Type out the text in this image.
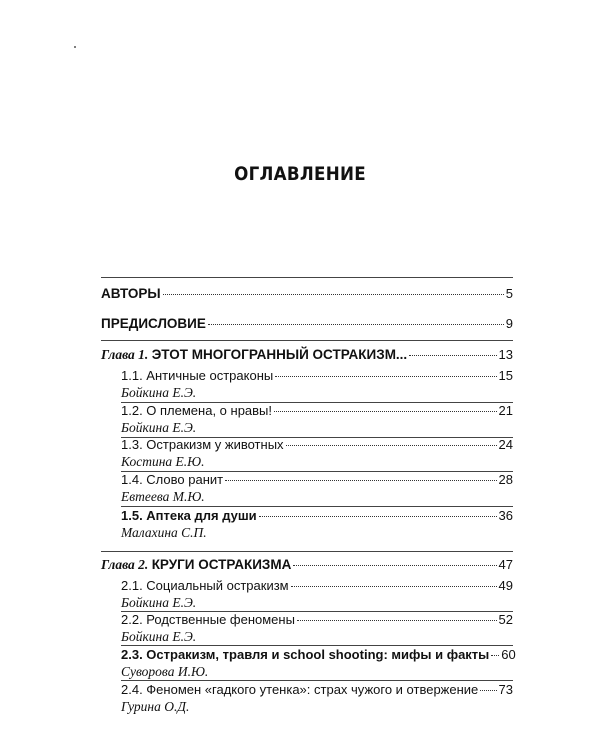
ОГЛАВЛЕНИЕ
АВТОРЫ	5
ПРЕДИСЛОВИЕ	9
Глава 1. ЭТОТ МНОГОГРАННЫЙ ОСТРАКИЗМ...	13
1.1. Античные остраконы	15
Бойкина Е.Э.
1.2. О племена, о нравы!	21
Бойкина Е.Э.
1.3. Остракизм у животных	24
Костина Е.Ю.
1.4. Слово ранит	28
Евтеева М.Ю.
1.5. Аптека для души	36
Малахина С.П.
Глава 2. КРУГИ ОСТРАКИЗМА	47
2.1. Социальный остракизм	49
Бойкина Е.Э.
2.2. Родственные феномены	52
Бойкина Е.Э.
2.3. Остракизм, травля и school shooting: мифы и факты 60
Суворова И.Ю.
2.4. Феномен «гадкого утенка»: страх чужого и отвержение 73
Гурина О.Д.
